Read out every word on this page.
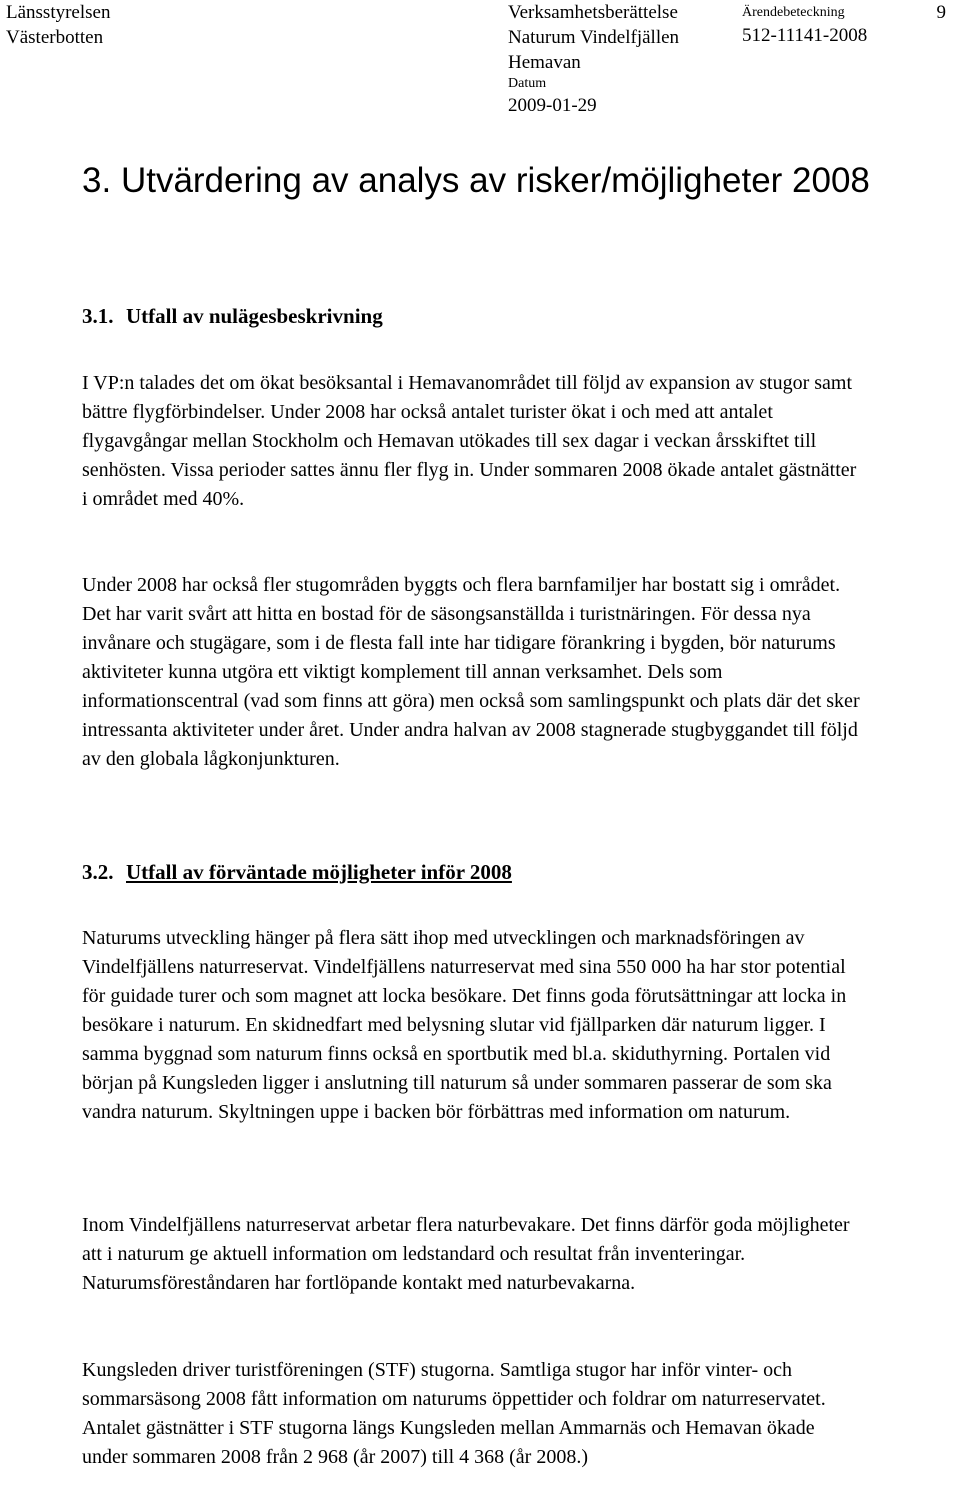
Länsstyrelsen
Västerbotten
Verksamhetsberättelse
Naturum Vindelfjällen
Hemavan
Datum
2009-01-29
Ärendebeteckning
512-11141-2008
9
3. Utvärdering av analys av risker/möjligheter 2008
3.1. Utfall av nulägesbeskrivning

I VP:n talades det om ökat besöksantal i Hemavanområdet till följd av expansion av stugor samt bättre flygförbindelser. Under 2008 har också antalet turister ökat i och med att antalet flygavgångar mellan Stockholm och Hemavan utökades till sex dagar i veckan årsskiftet till senhösten. Vissa perioder sattes ännu fler flyg in. Under sommaren 2008 ökade antalet gästnätter i området med 40%.

Under 2008 har också fler stugområden byggts och flera barnfamiljer har bostatt sig i området. Det har varit svårt att hitta en bostad för de säsongsanställda i turistnäringen. För dessa nya invånare och stugägare, som i de flesta fall inte har tidigare förankring i bygden, bör naturums aktiviteter kunna utgöra ett viktigt komplement till annan verksamhet. Dels som informationscentral (vad som finns att göra) men också som samlingspunkt och plats där det sker intressanta aktiviteter under året. Under andra halvan av 2008 stagnerade stugbyggandet till följd av den globala lågkonjunkturen.

3.2. Utfall av förväntade möjligheter inför 2008

Naturums utveckling hänger på flera sätt ihop med utvecklingen och marknadsföringen av Vindelfjällens naturreservat. Vindelfjällens naturreservat med sina 550 000 ha har stor potential för guidade turer och som magnet att locka besökare. Det finns goda förutsättningar att locka in besökare i naturum. En skidnedfart med belysning slutar vid fjällparken där naturum ligger. I samma byggnad som naturum finns också en sportbutik med bl.a. skiduthyrning. Portalen vid början på Kungsleden ligger i anslutning till naturum så under sommaren passerar de som ska vandra naturum. Skyltningen uppe i backen bör förbättras med information om naturum.

Inom Vindelfjällens naturreservat arbetar flera naturbevakare. Det finns därför goda möjligheter att i naturum ge aktuell information om ledstandard och resultat från inventeringar. Naturumsföreståndaren har fortlöpande kontakt med naturbevakarna.

Kungsleden driver turistföreningen (STF) stugorna. Samtliga stugor har inför vinter- och sommarsäsong 2008 fått information om naturums öppettider och foldrar om naturreservatet. Antalet gästnätter i STF stugorna längs Kungsleden mellan Ammarnäs och Hemavan ökade under sommaren 2008 från 2 968 (år 2007) till 4 368 (år 2008.)
